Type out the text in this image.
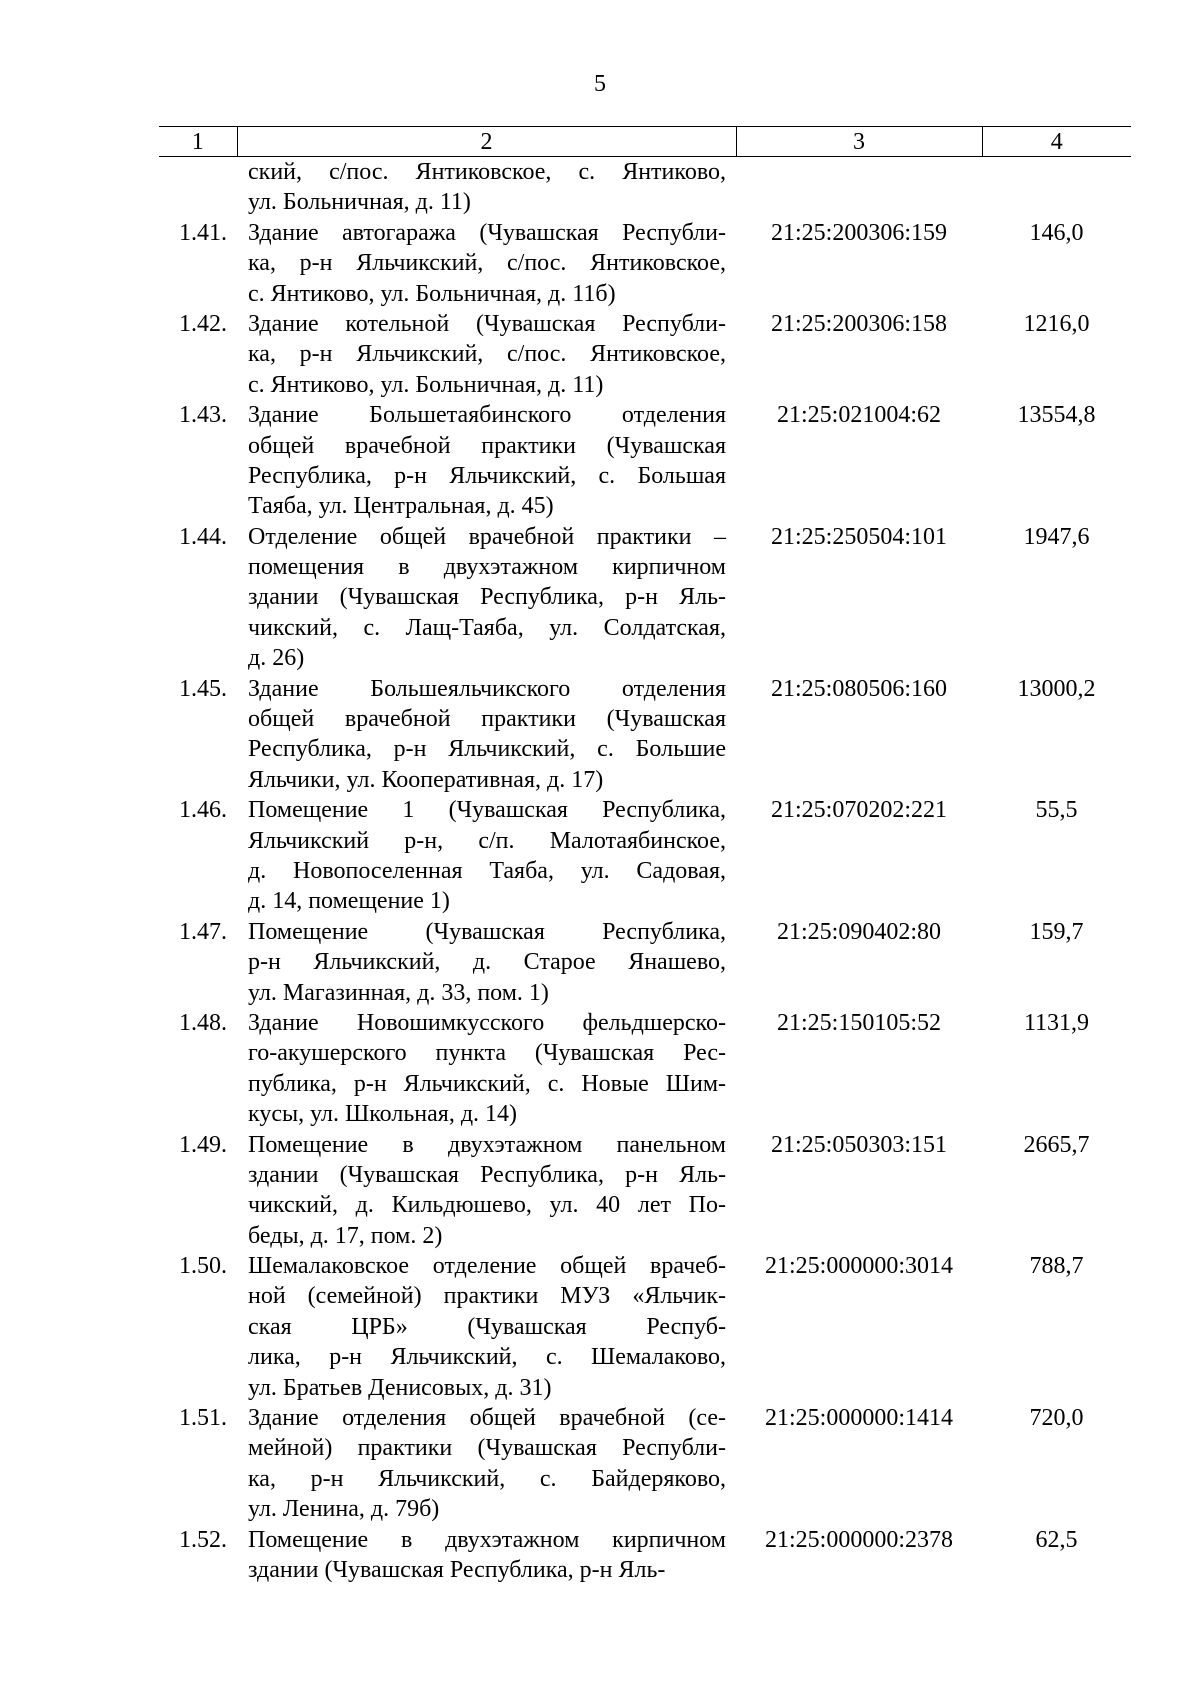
5
1	2	3	4

	ский, с/пос. Янтиковское, с. Янтиково,
ул. Больничная, д. 11)		

1.41.	Здание автогаража (Чувашская Республи-
ка, р-н Яльчикский, с/пос. Янтиковское,
с. Янтиково, ул. Больничная, д. 11б)	21:25:200306:159	146,0
1.42.	Здание котельной (Чувашская Республи-
ка, р-н Яльчикский, с/пос. Янтиковское,
с. Янтиково, ул. Больничная, д. 11)	21:25:200306:158	1216,0
1.43.	Здание Большетаябинского отделения
общей врачебной практики (Чувашская
Республика, р-н Яльчикский, с. Большая
Таяба, ул. Центральная, д. 45)	21:25:021004:62	13554,8
1.44.	Отделение общей врачебной практики –
помещения в двухэтажном кирпичном
здании (Чувашская Республика, р-н Яль-
чикский, с. Лащ-Таяба, ул. Солдатская,
д. 26)	21:25:250504:101	1947,6
1.45.	Здание Большеяльчикского отделения
общей врачебной практики (Чувашская
Республика, р-н Яльчикский, с. Большие
Яльчики, ул. Кооперативная, д. 17)	21:25:080506:160	13000,2
1.46.	Помещение 1 (Чувашская Республика,
Яльчикский р-н, с/п. Малотаябинское,
д. Новопоселенная Таяба, ул. Садовая,
д. 14, помещение 1)	21:25:070202:221	55,5
1.47.	Помещение (Чувашская Республика,
р-н Яльчикский, д. Старое Янашево,
ул. Магазинная, д. 33, пом. 1)	21:25:090402:80	159,7
1.48.	Здание Новошимкусского фельдшерско-
го-акушерского пункта (Чувашская Рес-
публика, р-н Яльчикский, с. Новые Шим-
кусы, ул. Школьная, д. 14)	21:25:150105:52	1131,9
1.49.	Помещение в двухэтажном панельном
здании (Чувашская Республика, р-н Яль-
чикский, д. Кильдюшево, ул. 40 лет По-
беды, д. 17, пом. 2)	21:25:050303:151	2665,7
1.50.	Шемалаковское отделение общей врачеб-
ной (семейной) практики МУЗ «Яльчик-
ская ЦРБ» (Чувашская Респуб-
лика, р-н Яльчикский, с. Шемалаково,
ул. Братьев Денисовых, д. 31)	21:25:000000:3014	788,7
1.51.	Здание отделения общей врачебной (се-
мейной) практики (Чувашская Республи-
ка, р-н Яльчикский, с. Байдеряково,
ул. Ленина, д. 79б)	21:25:000000:1414	720,0
1.52.	Помещение в двухэтажном кирпичном
здании (Чувашская Республика, р-н Яль-	21:25:000000:2378	62,5
